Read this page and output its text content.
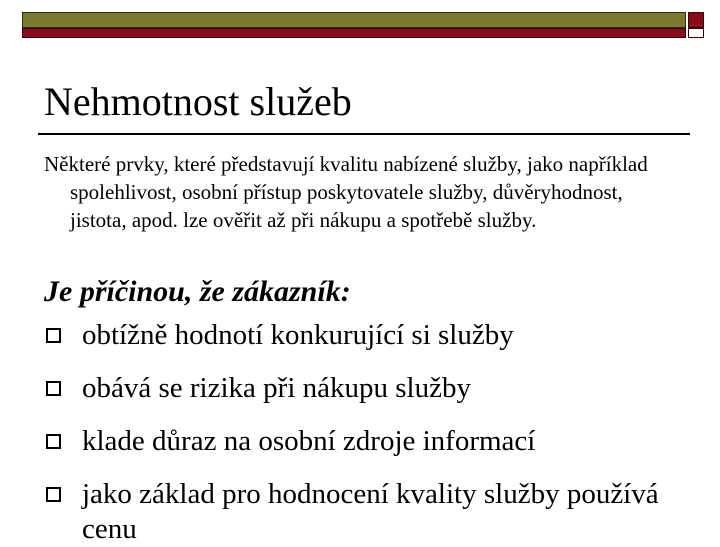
Nehmotnost služeb

Některé prvky, které představují kvalitu nabízené služby, jako například spolehlivost, osobní přístup poskytovatele služby, důvěryhodnost, jistota, apod. lze ověřit až při nákupu a spotřebě služby.

Je příčinou, že zákazník:

obtížně hodnotí konkurující si služby
obává se rizika při nákupu služby
klade důraz na osobní zdroje informací
jako základ pro hodnocení kvality služby používá cenu
